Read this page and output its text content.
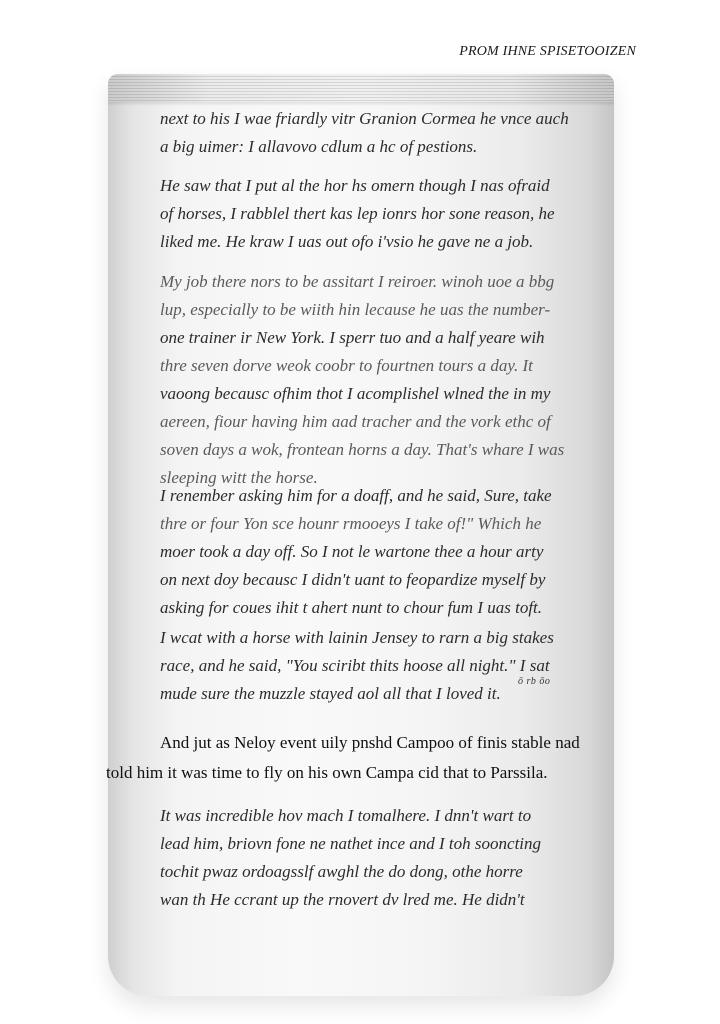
PROM IHNE SPISETOOIZEN
next to his I wae friardly vitr Granion Cormea he vnce auch
a big uimer: I allavovo cdlum a hc of pestions.
He saw that I put al the hor hs omern though I nas ofraid
of horses, I rabblel thert kas lep ionrs hor sone reason, he
liked me. He kraw I uas out ofo i'vsio he gave ne a job.
My job there nors to be assitart I reiroer. winoh uoe a bbg
lup, especially to be wiith hin lecause he uas the number-
one trainer ir New York. I sperr tuo and a half yeare wih
thre seven dorve weok coobr to fourtnen tours a day. It
vaoong becausc ofhim thot I acomplishel wlned the in my
aereen, fiour having him aad tracher and the vork ethc of
soven days a wok, frontean horns a day. That's whare I was
sleeping witt the horse.
I renember asking him for a doaff, and he said, Sure, take
thre or four Yon sce hounr rmooeys I take of!" Which he
moer took a day off. So I not le wartone thee a hour arty
on next doy becausc I didn't uant to feopardize myself by
asking for coues ihit t ahert nunt to chour fum I uas toft.
I wcat with a horse with lainin Jensey to rarn a big stakes
race, and he said, "You sciribt thits hoose all night." I sat
mude sure the muzzle stayed aol all that I loved it.
ō rb ōo
And jut as Neloy event uily pnshd Campoo of finis stable nad
told him it was time to fly on his own Campa cid that to Parssila.
It was incredible hov mach I tomalhere. I dnn't wart to
lead him, briovn fone ne nathet ince and I toh sooncting
tochit pwaz ordoagsslf awghl the do dong, othe horre
wan th He ccrant up the rnovert dv lred me. He didn't
